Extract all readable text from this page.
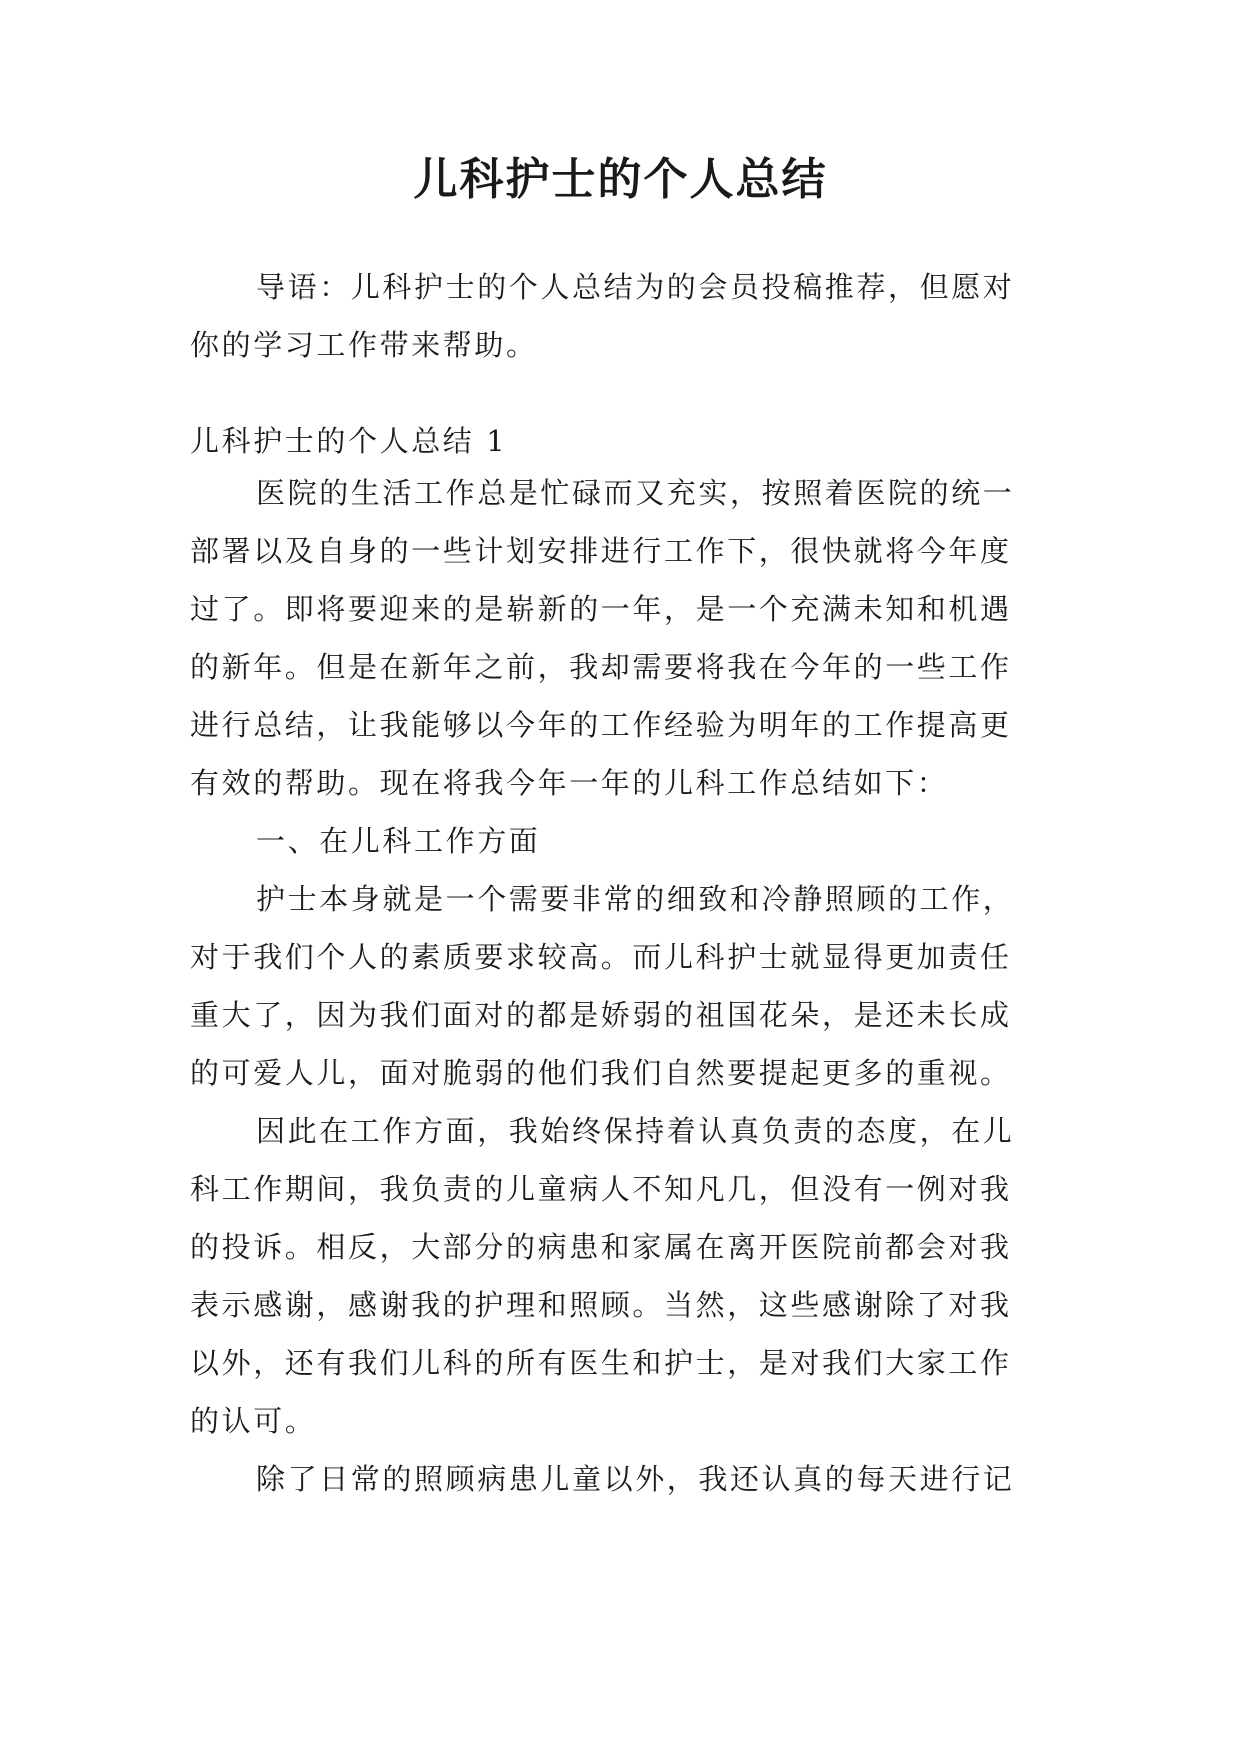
儿科护士的个人总结
导语：儿科护士的个人总结为的会员投稿推荐，但愿对
你的学习工作带来帮助。
儿科护士的个人总结 1
医院的生活工作总是忙碌而又充实，按照着医院的统一
部署以及自身的一些计划安排进行工作下，很快就将今年度
过了。即将要迎来的是崭新的一年，是一个充满未知和机遇
的新年。但是在新年之前，我却需要将我在今年的一些工作
进行总结，让我能够以今年的工作经验为明年的工作提高更
有效的帮助。现在将我今年一年的儿科工作总结如下：
一、在儿科工作方面
护士本身就是一个需要非常的细致和冷静照顾的工作，
对于我们个人的素质要求较高。而儿科护士就显得更加责任
重大了，因为我们面对的都是娇弱的祖国花朵，是还未长成
的可爱人儿，面对脆弱的他们我们自然要提起更多的重视。
因此在工作方面，我始终保持着认真负责的态度，在儿
科工作期间，我负责的儿童病人不知凡几，但没有一例对我
的投诉。相反，大部分的病患和家属在离开医院前都会对我
表示感谢，感谢我的护理和照顾。当然，这些感谢除了对我
以外，还有我们儿科的所有医生和护士，是对我们大家工作
的认可。
除了日常的照顾病患儿童以外，我还认真的每天进行记
